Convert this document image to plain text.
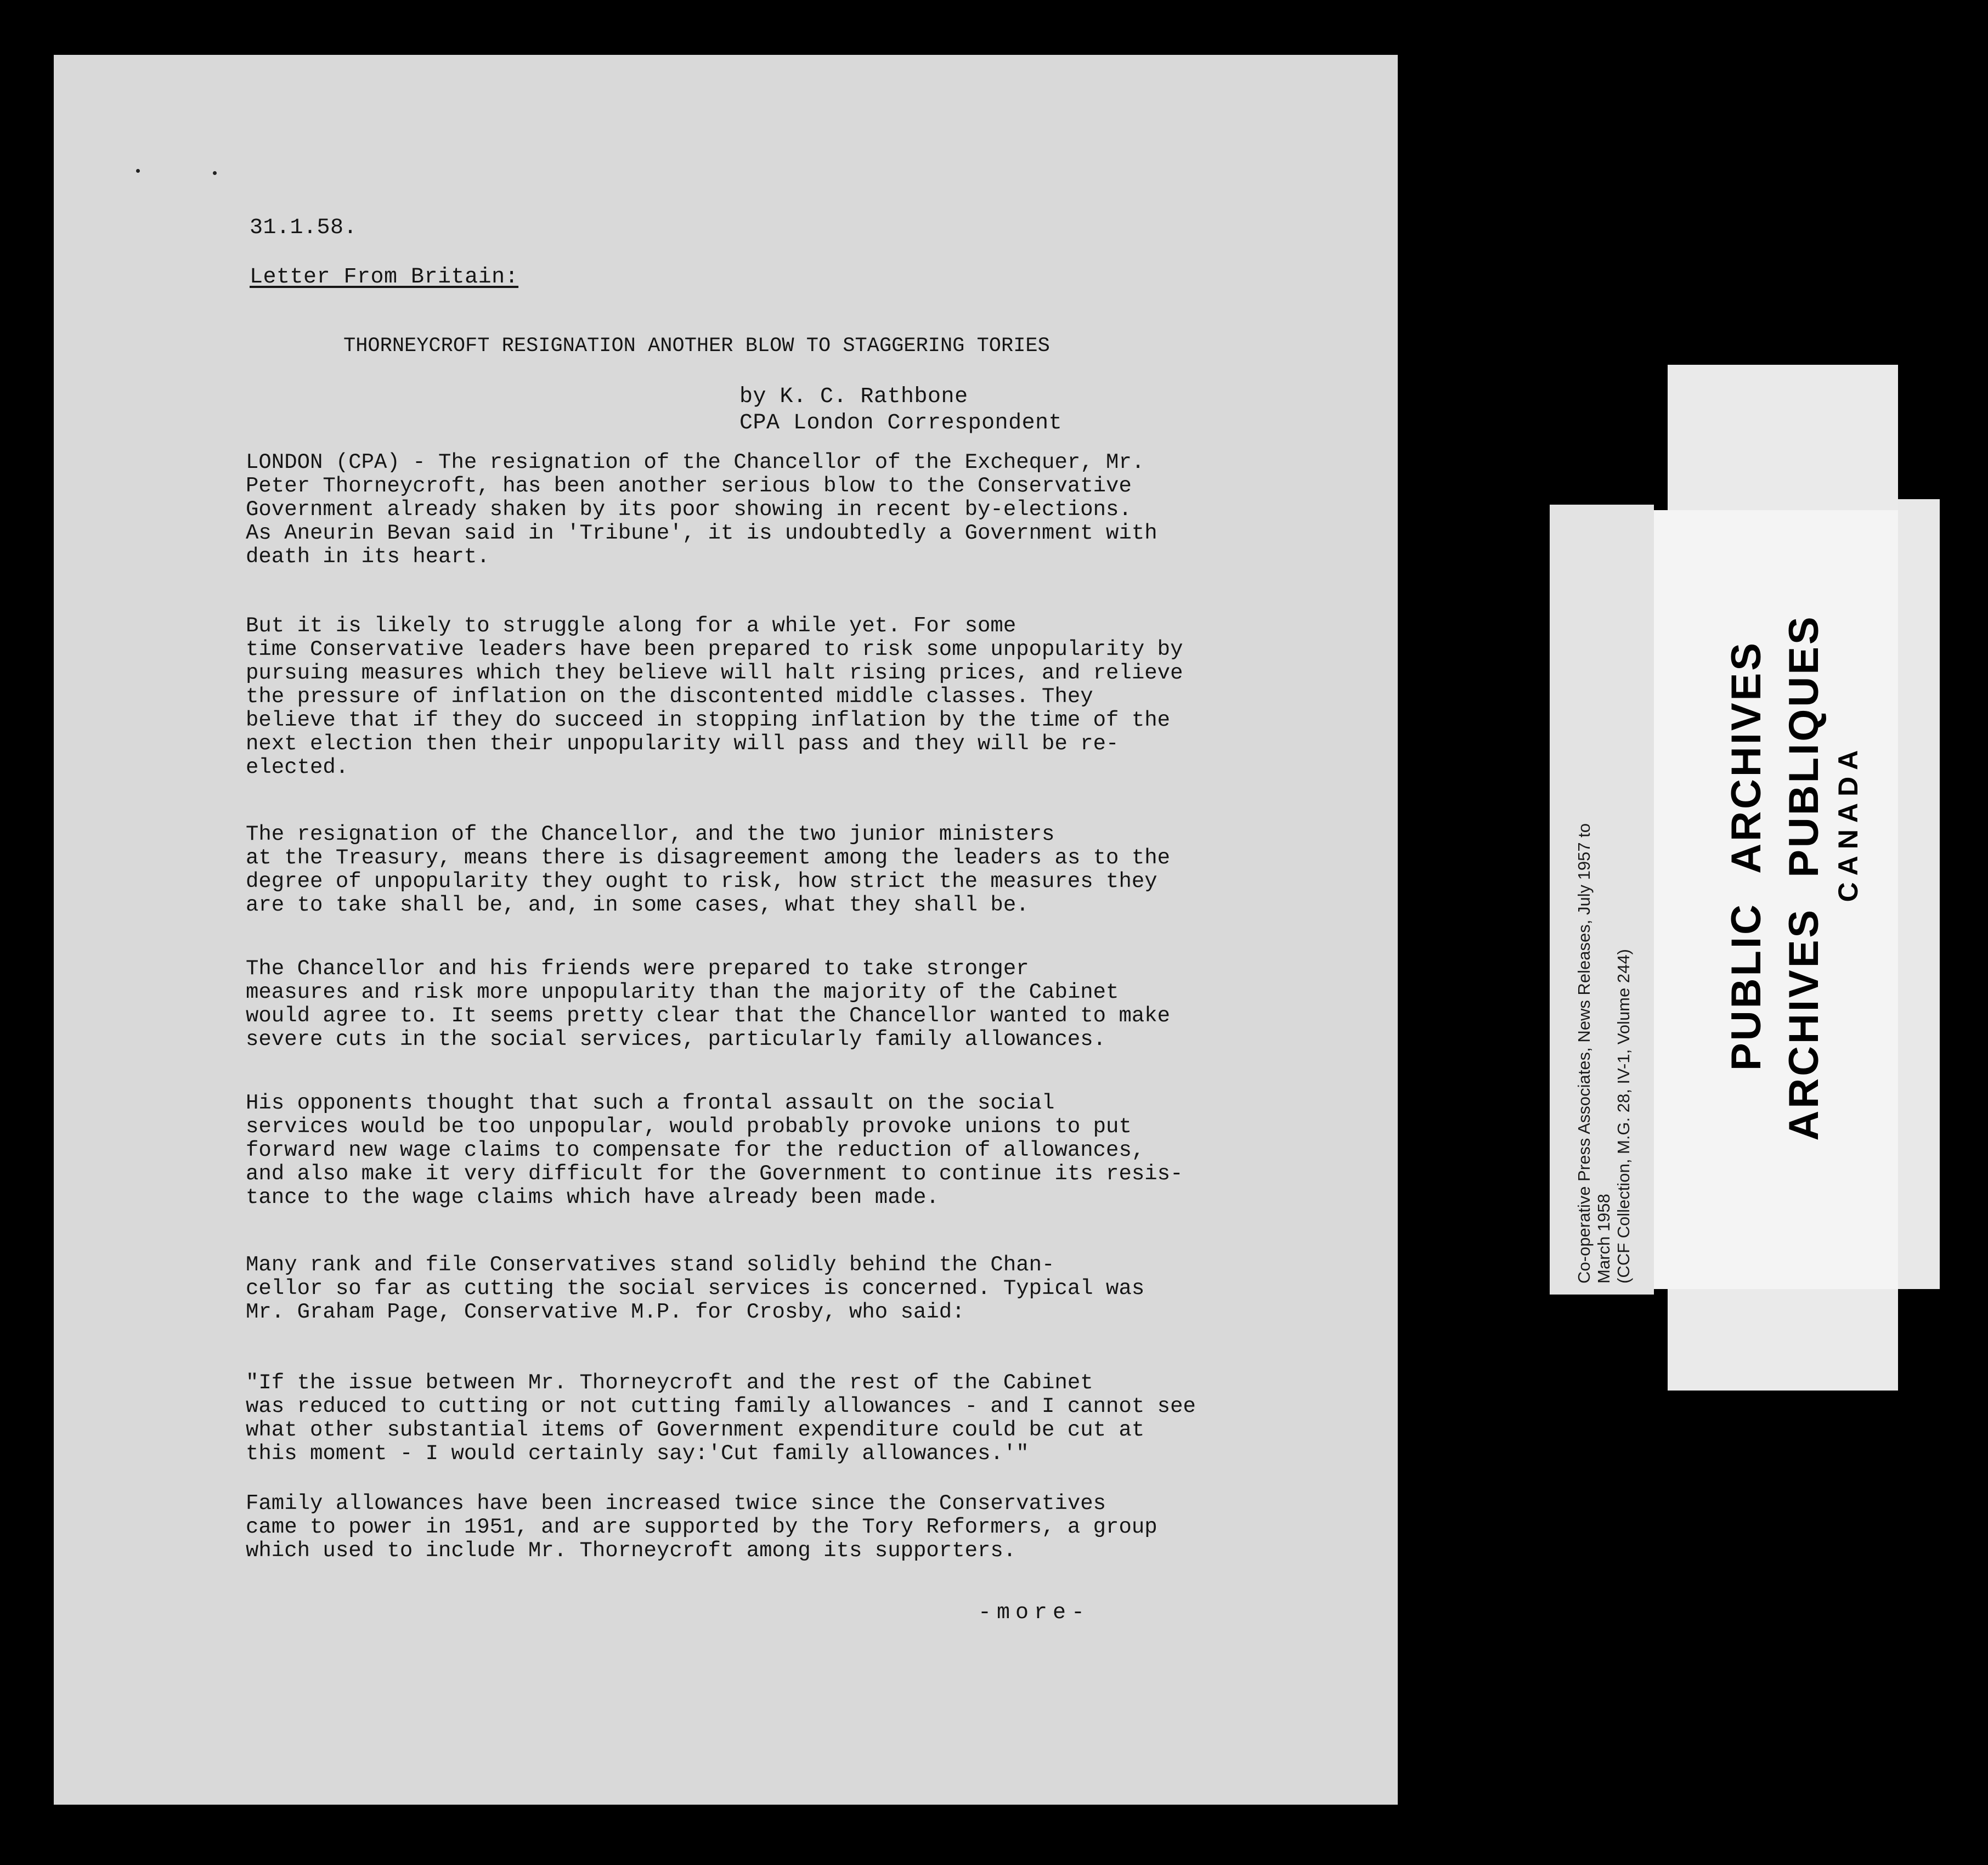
31.1.58.
Letter From Britain:
THORNEYCROFT RESIGNATION ANOTHER BLOW TO STAGGERING TORIES
by K. C. Rathbone
CPA London Correspondent
LONDON (CPA) - The resignation of the Chancellor of the Exchequer, Mr.
Peter Thorneycroft, has been another serious blow to the Conservative
Government already shaken by its poor showing in recent by-elections.
As Aneurin Bevan said in 'Tribune', it is undoubtedly a Government with
death in its heart.
But it is likely to struggle along for a while yet. For some
time Conservative leaders have been prepared to risk some unpopularity by
pursuing measures which they believe will halt rising prices, and relieve
the pressure of inflation on the discontented middle classes. They
believe that if they do succeed in stopping inflation by the time of the
next election then their unpopularity will pass and they will be re-
elected.
The resignation of the Chancellor, and the two junior ministers
at the Treasury, means there is disagreement among the leaders as to the
degree of unpopularity they ought to risk, how strict the measures they
are to take shall be, and, in some cases, what they shall be.
The Chancellor and his friends were prepared to take stronger
measures and risk more unpopularity than the majority of the Cabinet
would agree to. It seems pretty clear that the Chancellor wanted to make
severe cuts in the social services, particularly family allowances.
His opponents thought that such a frontal assault on the social
services would be too unpopular, would probably provoke unions to put
forward new wage claims to compensate for the reduction of allowances,
and also make it very difficult for the Government to continue its resis-
tance to the wage claims which have already been made.
Many rank and file Conservatives stand solidly behind the Chan-
cellor so far as cutting the social services is concerned. Typical was
Mr. Graham Page, Conservative M.P. for Crosby, who said:
"If the issue between Mr. Thorneycroft and the rest of the Cabinet
was reduced to cutting or not cutting family allowances - and I cannot see
what other substantial items of Government expenditure could be cut at
this moment - I would certainly say:'Cut family allowances.'"
Family allowances have been increased twice since the Conservatives
came to power in 1951, and are supported by the Tory Reformers, a group
which used to include Mr. Thorneycroft among its supporters.
-more-
Co-operative Press Associates, News Releases, July 1957 to March 1958 (CCF Collection, M.G. 28, IV-1, Volume 244)
PUBLIC ARCHIVES ARCHIVES PUBLIQUES CANADA
